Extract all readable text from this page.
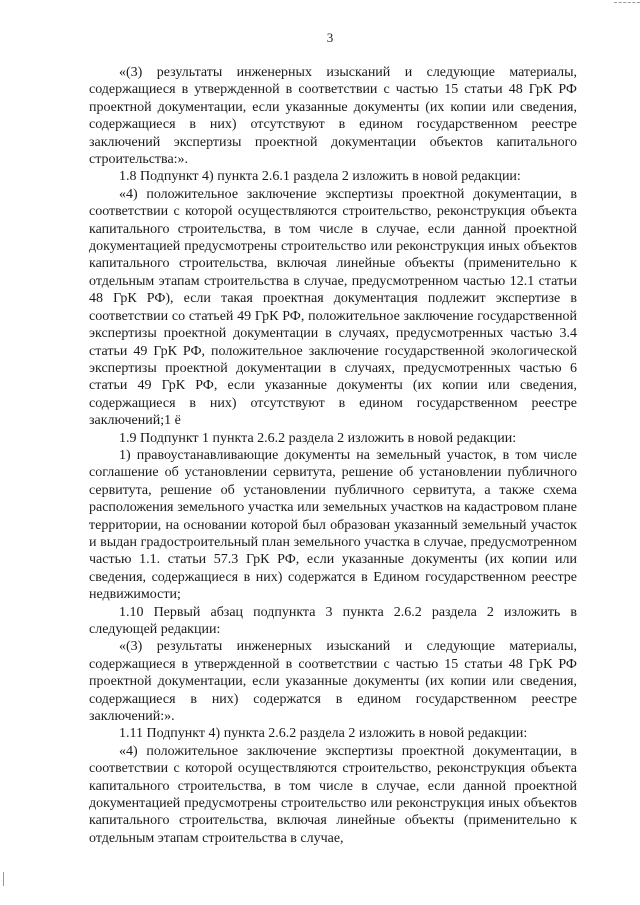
3

«(3) результаты инженерных изысканий и следующие материалы, содержащиеся в утвержденной в соответствии с частью 15 статьи 48 ГрК РФ проектной документации, если указанные документы (их копии или сведения, содержащиеся в них) отсутствуют в едином государственном реестре заключений экспертизы проектной документации объектов капитального строительства:».

1.8 Подпункт 4) пункта 2.6.1 раздела 2 изложить в новой редакции:

«4) положительное заключение экспертизы проектной документации, в соответствии с которой осуществляются строительство, реконструкция объекта капитального строительства, в том числе в случае, если данной проектной документацией предусмотрены строительство или реконструкция иных объектов капитального строительства, включая линейные объекты (применительно к отдельным этапам строительства в случае, предусмотренном частью 12.1 статьи 48 ГрК РФ), если такая проектная документация подлежит экспертизе в соответствии со статьей 49 ГрК РФ, положительное заключение государственной экспертизы проектной документации в случаях, предусмотренных частью 3.4 статьи 49 ГрК РФ, положительное заключение государственной экологической экспертизы проектной документации в случаях, предусмотренных частью 6 статьи 49 ГрК РФ, если указанные документы (их копии или сведения, содержащиеся в них) отсутствуют в едином государственном реестре заключений;1 ё

1.9 Подпункт 1 пункта 2.6.2 раздела 2 изложить в новой редакции:

1) правоустанавливающие документы на земельный участок, в том числе соглашение об установлении сервитута, решение об установлении публичного сервитута, решение об установлении публичного сервитута, а также схема расположения земельного участка или земельных участков на кадастровом плане территории, на основании которой был образован указанный земельный участок и выдан градостроительный план земельного участка в случае, предусмотренном частью 1.1. статьи 57.3 ГрК РФ, если указанные документы (их копии или сведения, содержащиеся в них) содержатся в Едином государственном реестре недвижимости;

1.10 Первый абзац подпункта 3 пункта 2.6.2 раздела 2 изложить в следующей редакции:

«(3) результаты инженерных изысканий и следующие материалы, содержащиеся в утвержденной в соответствии с частью 15 статьи 48 ГрК РФ проектной документации, если указанные документы (их копии или сведения, содержащиеся в них) содержатся в едином государственном реестре заключений:».

1.11 Подпункт 4) пункта 2.6.2 раздела 2 изложить в новой редакции:

«4) положительное заключение экспертизы проектной документации, в соответствии с которой осуществляются строительство, реконструкция объекта капитального строительства, в том числе в случае, если данной проектной документацией предусмотрены строительство или реконструкция иных объектов капитального строительства, включая линейные объекты (применительно к отдельным этапам строительства в случае,
